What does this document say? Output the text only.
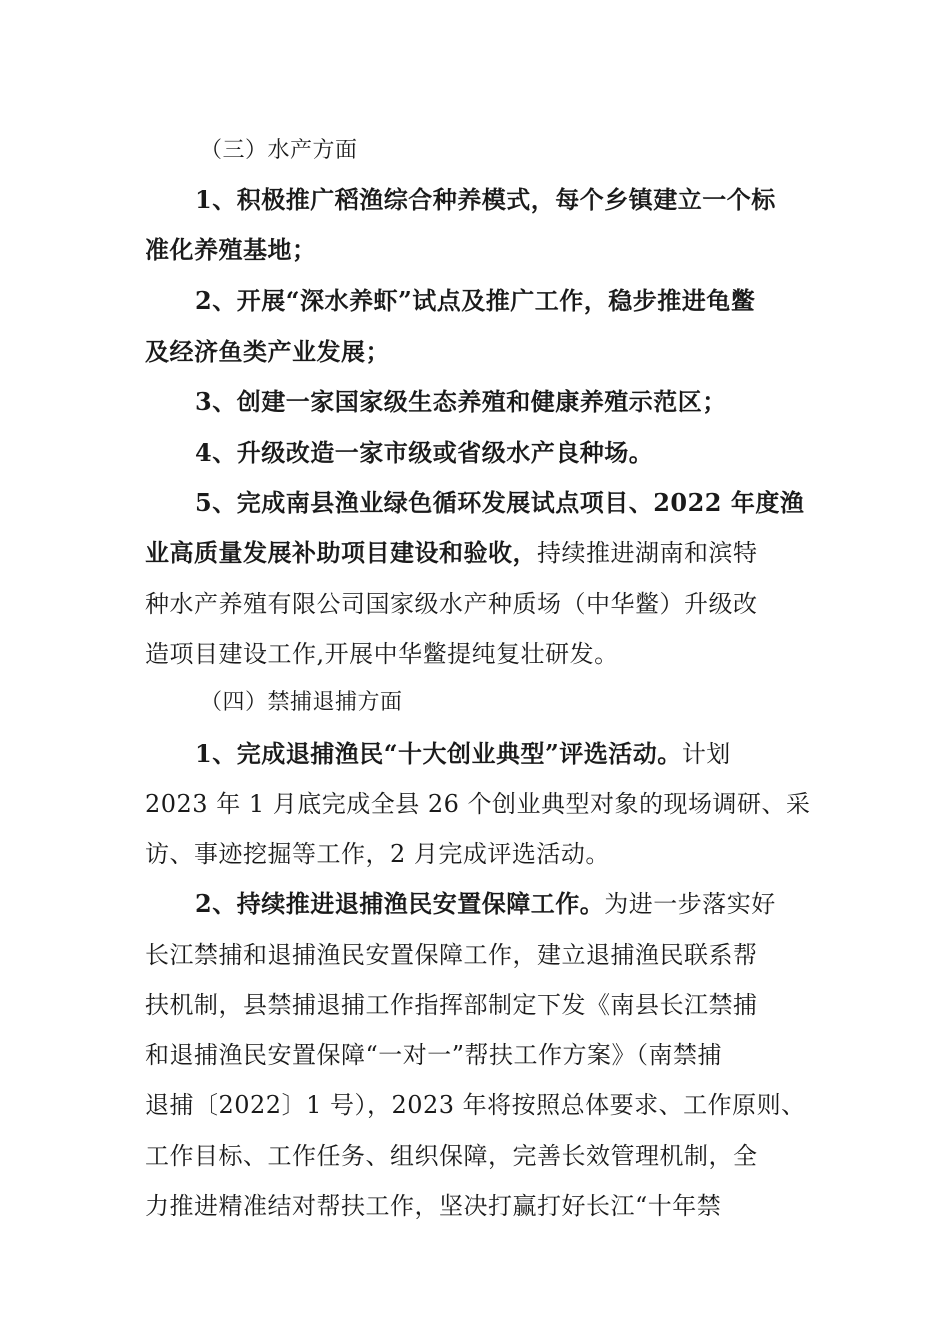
（三）水产方面
1、积极推广稻渔综合种养模式，每个乡镇建立一个标
准化养殖基地；
2、开展“深水养虾”试点及推广工作，稳步推进龟鳖
及经济鱼类产业发展；
3、创建一家国家级生态养殖和健康养殖示范区；
4、升级改造一家市级或省级水产良种场。
5、完成南县渔业绿色循环发展试点项目、2022 年度渔
业高质量发展补助项目建设和验收，持续推进湖南和滨特
种水产养殖有限公司国家级水产种质场（中华鳖）升级改
造项目建设工作,开展中华鳖提纯复壮研发。
（四）禁捕退捕方面
1、完成退捕渔民“十大创业典型”评选活动。计划
2023 年 1 月底完成全县 26 个创业典型对象的现场调研、采
访、事迹挖掘等工作，2 月完成评选活动。
2、持续推进退捕渔民安置保障工作。为进一步落实好
长江禁捕和退捕渔民安置保障工作，建立退捕渔民联系帮
扶机制，县禁捕退捕工作指挥部制定下发《南县长江禁捕
和退捕渔民安置保障“一对一”帮扶工作方案》（南禁捕
退捕〔2022〕1 号），2023 年将按照总体要求、工作原则、
工作目标、工作任务、组织保障，完善长效管理机制，全
力推进精准结对帮扶工作，坚决打赢打好长江“十年禁
